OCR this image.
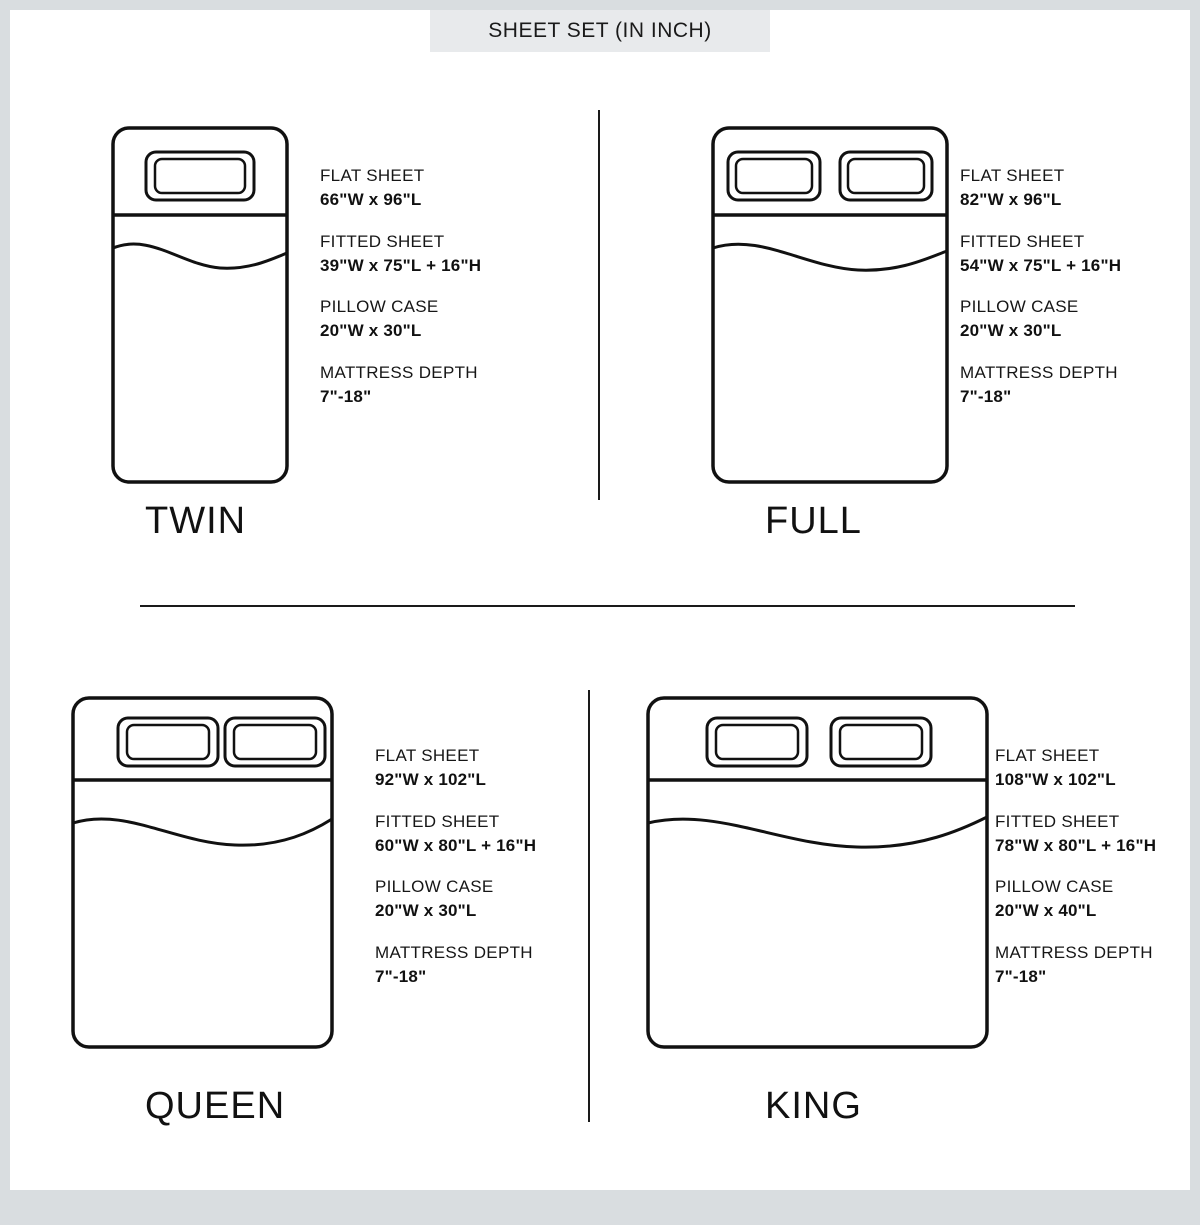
SHEET SET (IN INCH)
TWIN
FLAT SHEET
66"W x 96"L
FITTED SHEET
39"W x 75"L + 16"H
PILLOW CASE
20"W x 30"L
MATTRESS DEPTH
7"-18"
FULL
FLAT SHEET
82"W x 96"L
FITTED SHEET
54"W x 75"L + 16"H
PILLOW CASE
20"W x 30"L
MATTRESS DEPTH
7"-18"
QUEEN
FLAT SHEET
92"W x 102"L
FITTED SHEET
60"W x 80"L + 16"H
PILLOW CASE
20"W x 30"L
MATTRESS DEPTH
7"-18"
KING
FLAT SHEET
108"W x 102"L
FITTED SHEET
78"W x 80"L + 16"H
PILLOW CASE
20"W x 40"L
MATTRESS DEPTH
7"-18"
